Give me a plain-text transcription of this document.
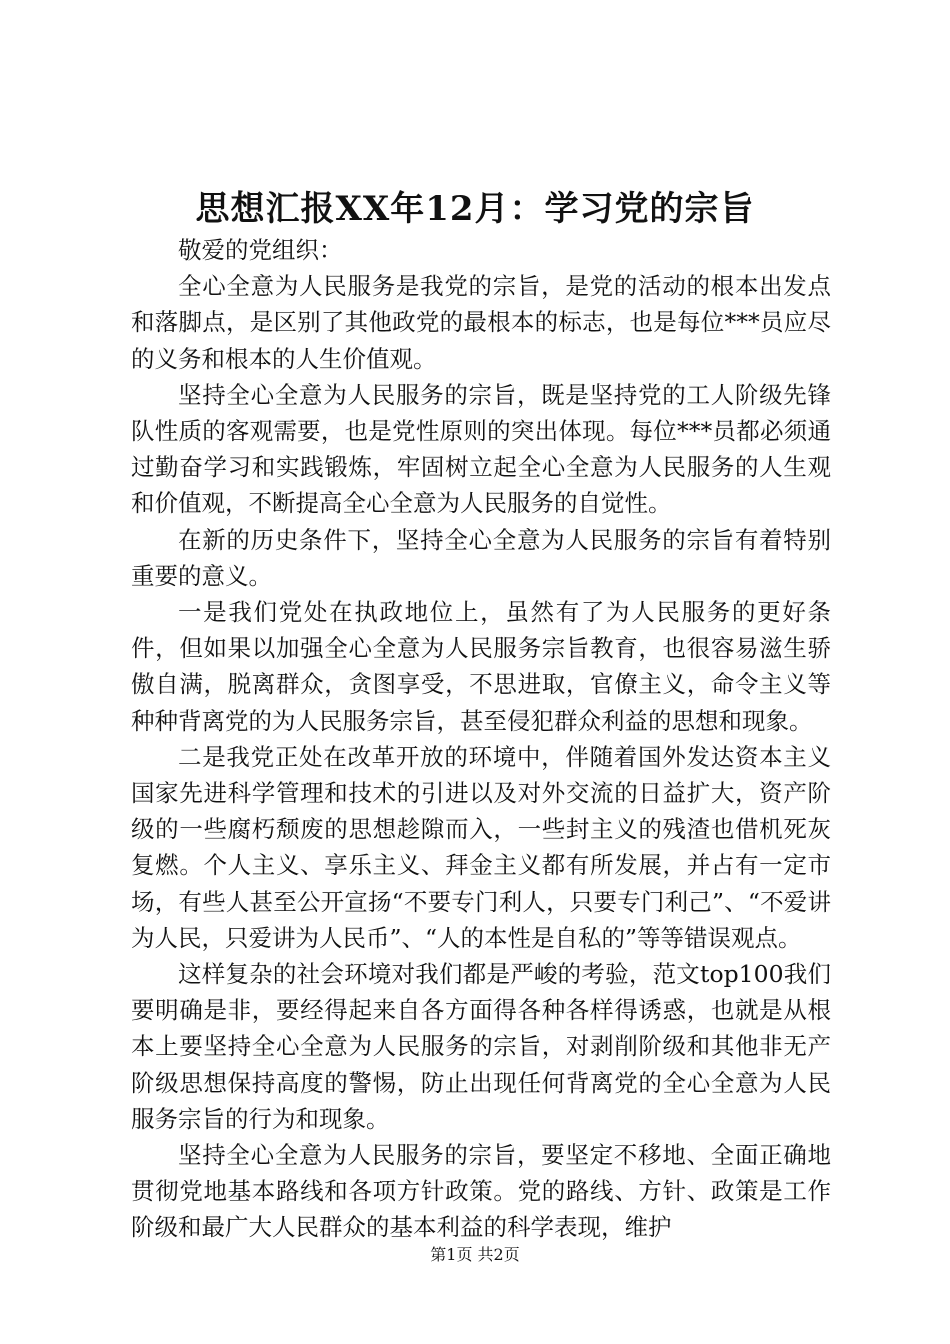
思想汇报XX年12月：学习党的宗旨

敬爱的党组织：

全心全意为人民服务是我党的宗旨，是党的活动的根本出发点和落脚点，是区别了其他政党的最根本的标志，也是每位***员应尽的义务和根本的人生价值观。

坚持全心全意为人民服务的宗旨，既是坚持党的工人阶级先锋队性质的客观需要，也是党性原则的突出体现。每位***员都必须通过勤奋学习和实践锻炼，牢固树立起全心全意为人民服务的人生观和价值观，不断提高全心全意为人民服务的自觉性。

在新的历史条件下，坚持全心全意为人民服务的宗旨有着特别重要的意义。

一是我们党处在执政地位上，虽然有了为人民服务的更好条件，但如果以加强全心全意为人民服务宗旨教育，也很容易滋生骄傲自满，脱离群众，贪图享受，不思进取，官僚主义，命令主义等种种背离党的为人民服务宗旨，甚至侵犯群众利益的思想和现象。

二是我党正处在改革开放的环境中，伴随着国外发达资本主义国家先进科学管理和技术的引进以及对外交流的日益扩大，资产阶级的一些腐朽颓废的思想趁隙而入，一些封主义的残渣也借机死灰复燃。个人主义、享乐主义、拜金主义都有所发展，并占有一定市场，有些人甚至公开宣扬“不要专门利人，只要专门利己”、“不爱讲为人民，只爱讲为人民币”、“人的本性是自私的”等等错误观点。

这样复杂的社会环境对我们都是严峻的考验，范文top100我们要明确是非，要经得起来自各方面得各种各样得诱惑，也就是从根本上要坚持全心全意为人民服务的宗旨，对剥削阶级和其他非无产阶级思想保持高度的警惕，防止出现任何背离党的全心全意为人民服务宗旨的行为和现象。

坚持全心全意为人民服务的宗旨，要坚定不移地、全面正确地贯彻党地基本路线和各项方针政策。党的路线、方针、政策是工作阶级和最广大人民群众的基本利益的科学表现，维护

第1页 共2页
